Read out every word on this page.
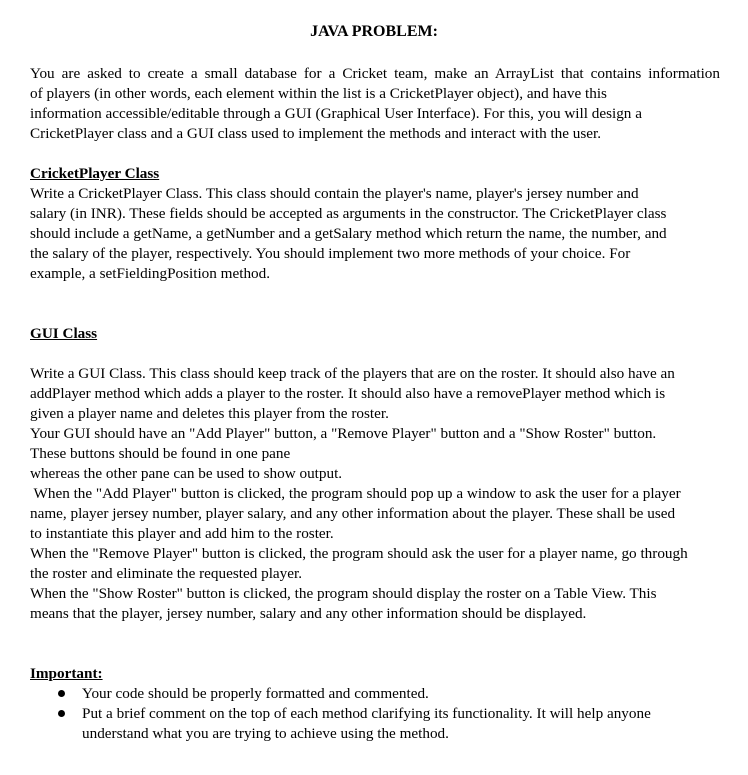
JAVA PROBLEM:

You are asked to create a small database for a Cricket team, make an ArrayList that contains information
of players (in other words, each element within the list is a CricketPlayer object), and have this
information accessible/editable through a GUI (Graphical User Interface). For this, you will design a
CricketPlayer class and a GUI class used to implement the methods and interact with the user.

CricketPlayer Class

Write a CricketPlayer Class. This class should contain the player's name, player's jersey number and
salary (in INR). These fields should be accepted as arguments in the constructor. The CricketPlayer class
should include a getName, a getNumber and a getSalary method which return the name, the number, and
the salary of the player, respectively. You should implement two more methods of your choice. For
example, a setFieldingPosition method.

GUI Class

Write a GUI Class. This class should keep track of the players that are on the roster. It should also have an
addPlayer method which adds a player to the roster. It should also have a removePlayer method which is
given a player name and deletes this player from the roster.
Your GUI should have an "Add Player" button, a "Remove Player" button and a "Show Roster" button.
These buttons should be found in one pane
whereas the other pane can be used to show output.
When the "Add Player" button is clicked, the program should pop up a window to ask the user for a player
name, player jersey number, player salary, and any other information about the player. These shall be used
to instantiate this player and add him to the roster.
When the "Remove Player" button is clicked, the program should ask the user for a player name, go through
the roster and eliminate the requested player.
When the "Show Roster" button is clicked, the program should display the roster on a Table View. This
means that the player, jersey number, salary and any other information should be displayed.

Important:
Your code should be properly formatted and commented.
Put a brief comment on the top of each method clarifying its functionality. It will help anyone
understand what you are trying to achieve using the method.
